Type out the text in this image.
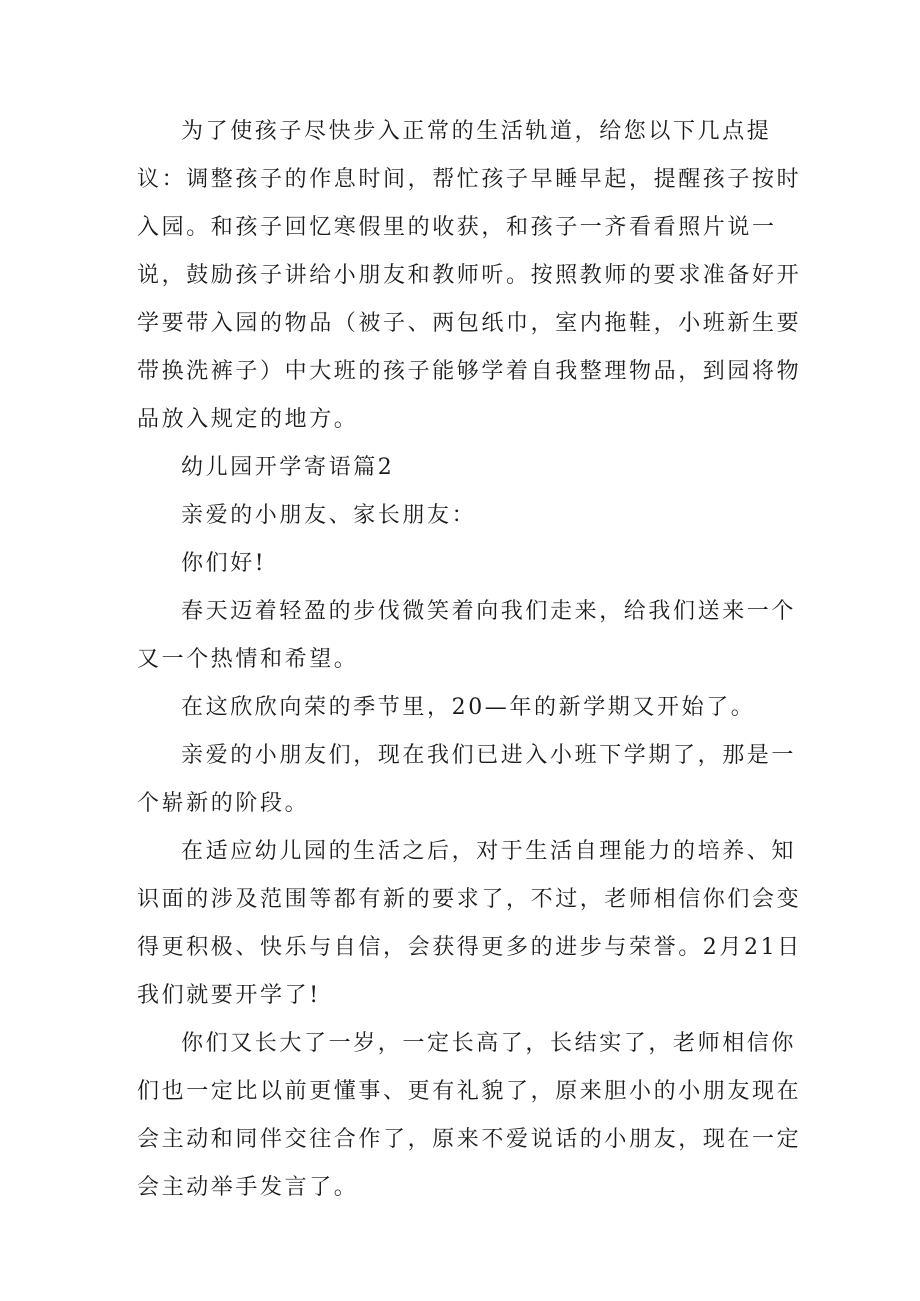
为了使孩子尽快步入正常的生活轨道，给您以下几点提议：调整孩子的作息时间，帮忙孩子早睡早起，提醒孩子按时入园。和孩子回忆寒假里的收获，和孩子一齐看看照片说一说，鼓励孩子讲给小朋友和教师听。按照教师的要求准备好开学要带入园的物品（被子、两包纸巾，室内拖鞋，小班新生要带换洗裤子）中大班的孩子能够学着自我整理物品，到园将物品放入规定的地方。

幼儿园开学寄语篇2

亲爱的小朋友、家长朋友：

你们好!

春天迈着轻盈的步伐微笑着向我们走来，给我们送来一个又一个热情和希望。

在这欣欣向荣的季节里，20—年的新学期又开始了。

亲爱的小朋友们，现在我们已进入小班下学期了，那是一个崭新的阶段。

在适应幼儿园的生活之后，对于生活自理能力的培养、知识面的涉及范围等都有新的要求了，不过，老师相信你们会变得更积极、快乐与自信，会获得更多的进步与荣誉。2月21日我们就要开学了!

你们又长大了一岁，一定长高了，长结实了，老师相信你们也一定比以前更懂事、更有礼貌了，原来胆小的小朋友现在会主动和同伴交往合作了，原来不爱说话的小朋友，现在一定会主动举手发言了。
